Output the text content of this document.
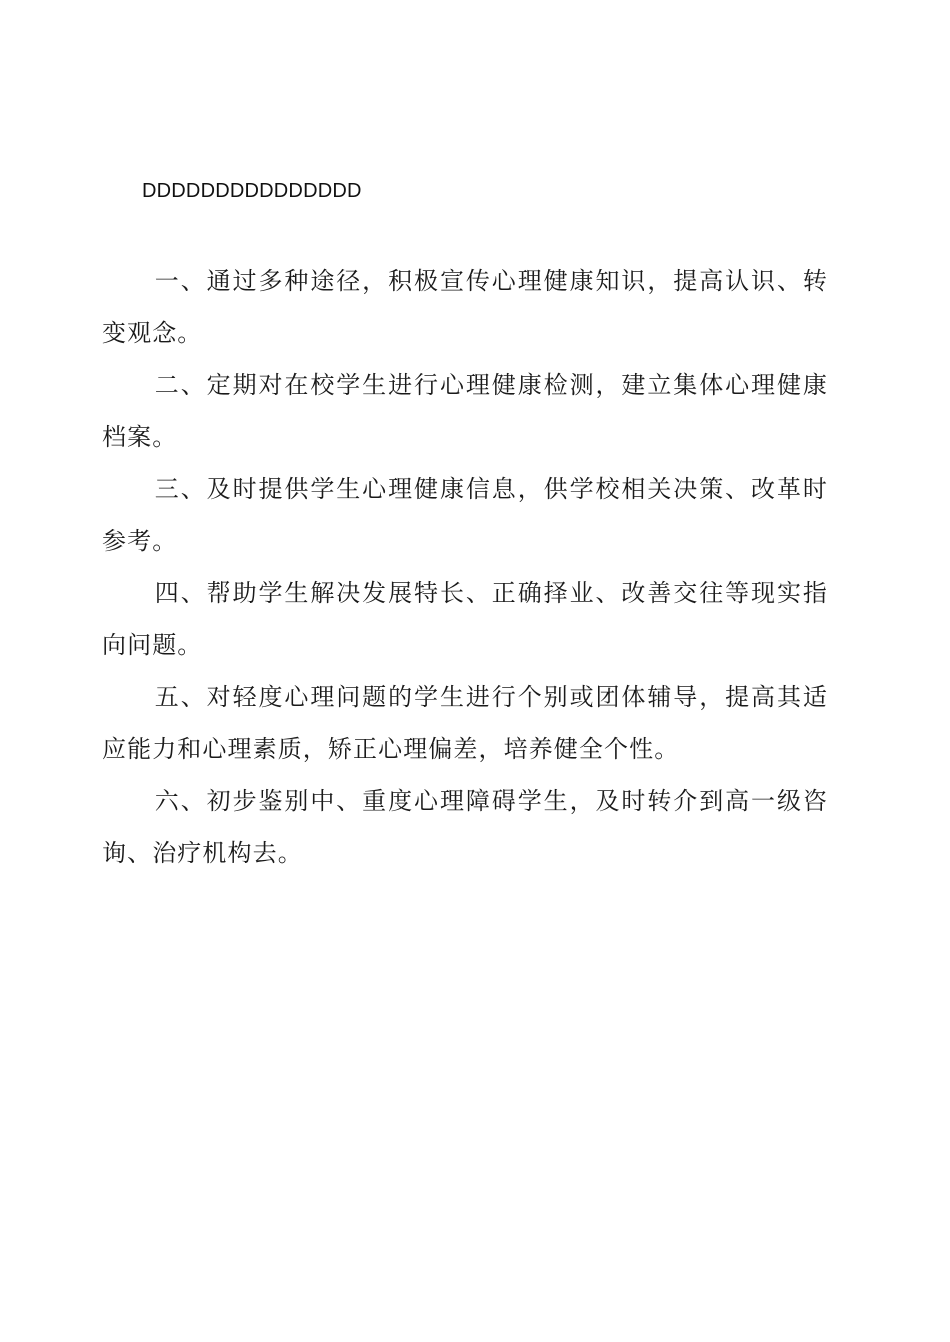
DDDDDDDDDDDDDDD

一、通过多种途径，积极宣传心理健康知识，提高认识、转变观念。

二、定期对在校学生进行心理健康检测，建立集体心理健康档案。

三、及时提供学生心理健康信息，供学校相关决策、改革时参考。

四、帮助学生解决发展特长、正确择业、改善交往等现实指向问题。

五、对轻度心理问题的学生进行个别或团体辅导，提高其适应能力和心理素质，矫正心理偏差，培养健全个性。

六、初步鉴别中、重度心理障碍学生，及时转介到高一级咨询、治疗机构去。
